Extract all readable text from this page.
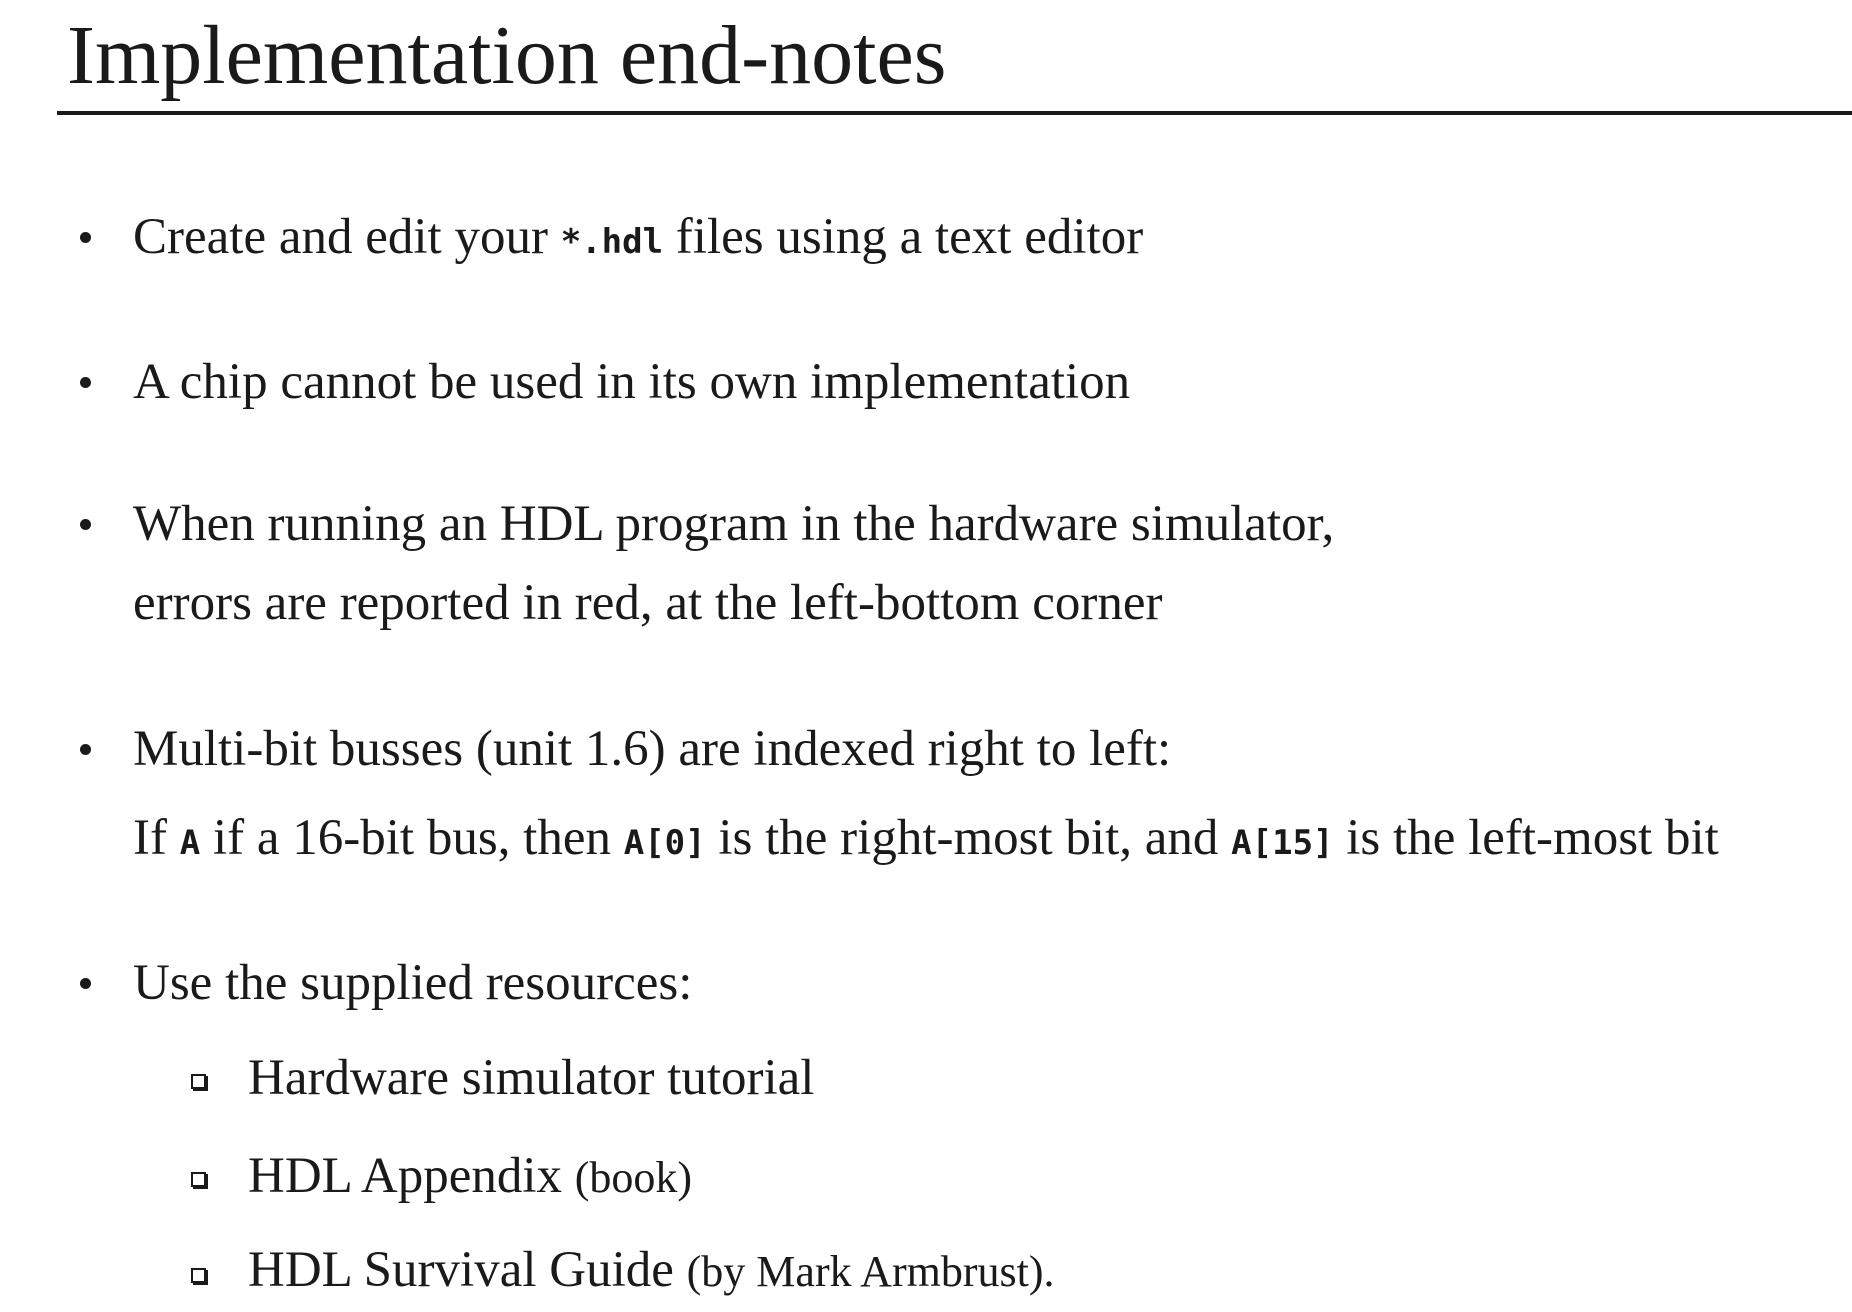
Implementation end-notes
Create and edit your *.hdl files using a text editor
A chip cannot be used in its own implementation
When running an HDL program in the hardware simulator,
errors are reported in red, at the left-bottom corner
Multi-bit busses (unit 1.6) are indexed right to left:
If A if a 16-bit bus, then A[0] is the right-most bit, and A[15] is the left-most bit
Use the supplied resources:
Hardware simulator tutorial
HDL Appendix (book)
HDL Survival Guide (by Mark Armbrust).
